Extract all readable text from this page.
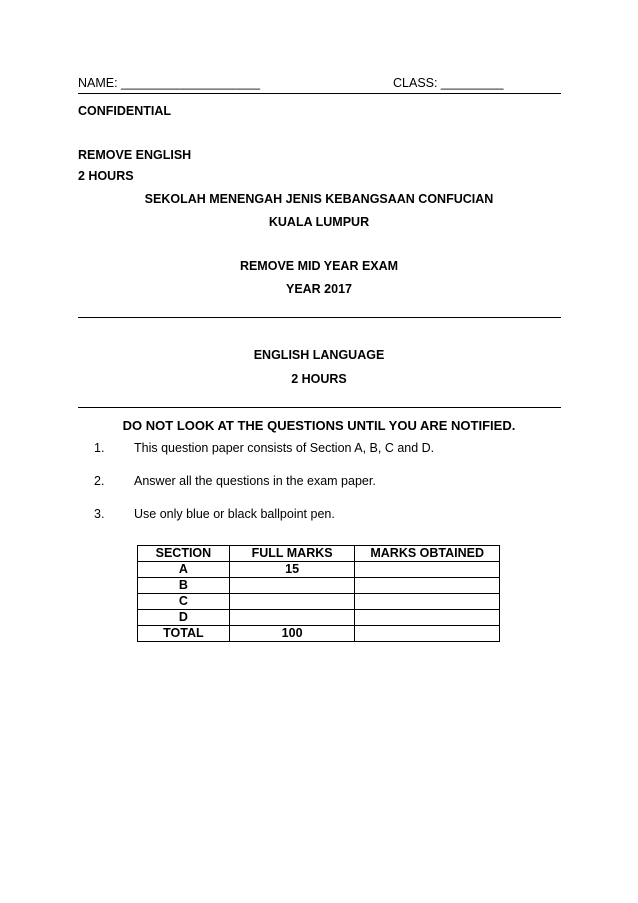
NAME: ____________________	CLASS: _________
CONFIDENTIAL
REMOVE ENGLISH
2 HOURS
SEKOLAH MENENGAH JENIS KEBANGSAAN CONFUCIAN
KUALA LUMPUR
REMOVE MID YEAR EXAM
YEAR 2017
ENGLISH LANGUAGE
2 HOURS
DO NOT LOOK AT THE QUESTIONS UNTIL YOU ARE NOTIFIED.
1. This question paper consists of Section A, B, C and D.
2. Answer all the questions in the exam paper.
3. Use only blue or black ballpoint pen.
SECTION	FULL MARKS	MARKS OBTAINED
A	15	
B		
C		
D		
TOTAL	100	
